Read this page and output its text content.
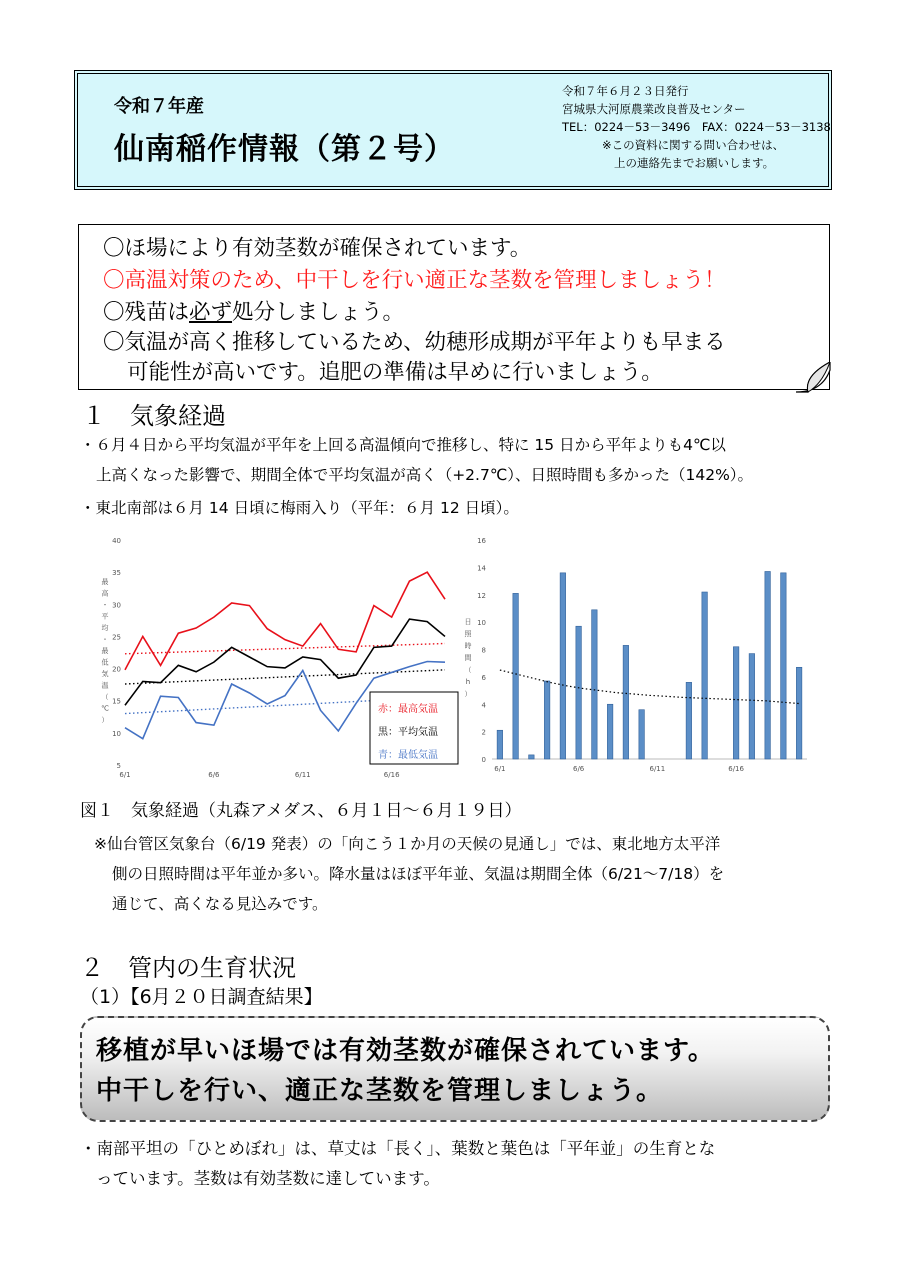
令和７年産
仙南稲作情報（第２号）
令和７年６月２３日発行
宮城県大河原農業改良普及センター
TEL：0224－53－3496　FAX：0224－53－3138
※この資料に関する問い合わせは、
上の連絡先までお願いします。
〇ほ場により有効茎数が確保されています。
〇高温対策のため、中干しを行い適正な茎数を管理しましょう！
〇残苗は必ず処分しましょう。
〇気温が高く推移しているため、幼穂形成期が平年よりも早まる
可能性が高いです。追肥の準備は早めに行いましょう。
１　気象経過
・６月４日から平均気温が平年を上回る高温傾向で推移し、特に 15 日から平年よりも4℃以
上高くなった影響で、期間全体で平均気温が高く（+2.7℃）、日照時間も多かった（142%）。
・東北南部は６月 14 日頃に梅雨入り（平年：６月 12 日頃）。
5
10
15
20
25
30
35
40
最
高
・
平
均
・
最
低
気
温
（
℃
）
6/1	6/6	6/11	6/16
赤：最高気温
黒：平均気温
青：最低気温	0
2
4
6
8
10
12
14
16
日
照
時
間
（
h
）
6/1	6/6	6/11	6/16
図１　気象経過（丸森アメダス、６月１日～６月１９日）
※仙台管区気象台（6/19 発表）の「向こう１か月の天候の見通し」では、東北地方太平洋
側の日照時間は平年並か多い。降水量はほぼ平年並、気温は期間全体（6/21～7/18）を
通じて、高くなる見込みです。
２　管内の生育状況
（1）【6月２０日調査結果】
移植が早いほ場では有効茎数が確保されています。
中干しを行い、適正な茎数を管理しましょう。
・南部平坦の「ひとめぼれ」は、草丈は「長く」、葉数と葉色は「平年並」の生育とな
っています。茎数は有効茎数に達しています。
